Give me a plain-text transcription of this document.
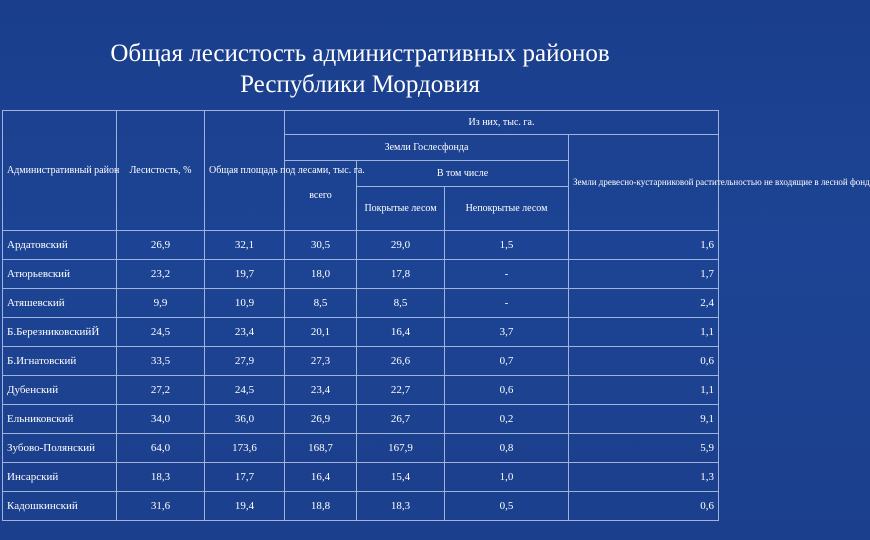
Общая лесистость административных районов
Республики Мордовия
Административный район	Лесистость, %	Общая площадь под лесами, тыс. га.	Из них, тыс. га.			
			Земли Гослесфонда			Земли древесно-кустарниковой растительностью не входящие в лесной фонд
			всего	В том числе		
				Покрытые лесом	Непокрытые лесом	
Ардатовский	26,9	32,1	30,5	29,0	1,5	1,6
Атюрьевский	23,2	19,7	18,0	17,8	-	1,7
Атяшевский	9,9	10,9	8,5	8,5	-	2,4
Б.БерезниковскийЙ	24,5	23,4	20,1	16,4	3,7	1,1
Б.Игнатовский	33,5	27,9	27,3	26,6	0,7	0,6
Дубенский	27,2	24,5	23,4	22,7	0,6	1,1
Ельниковский	34,0	36,0	26,9	26,7	0,2	9,1
Зубово-Полянский	64,0	173,6	168,7	167,9	0,8	5,9
Инсарский	18,3	17,7	16,4	15,4	1,0	1,3
Кадошкинский	31,6	19,4	18,8	18,3	0,5	0,6
